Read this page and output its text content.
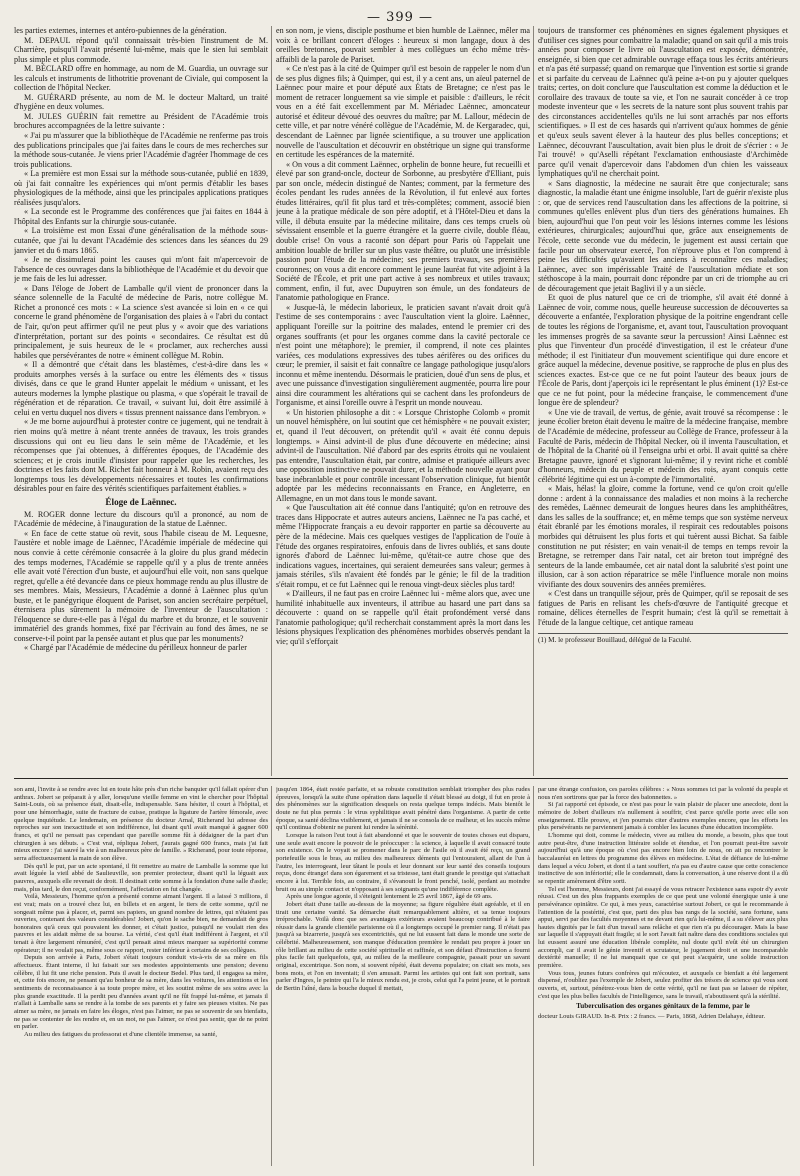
— 399 —

les parties externes, internes et antéro-pubiennes de la génération.

M. DEPAUL répond qu'il connaissait très-bien l'instrument de M. Charrière, puisqu'il l'avait présenté lui-même, mais que le sien lui semblait plus simple et plus commode.

M. BÉCLARD offre en hommage, au nom de M. Guardia, un ouvrage sur les calculs et instruments de lithotritie provenant de Civiale, qui composent la collection de l'hôpital Necker.

M. GUÉRARD présente, au nom de M. le docteur Maltard, un traité d'hygiène en deux volumes.

M. JULES GUÉRIN fait remettre au Président de l'Académie trois brochures accompagnées de la lettre suivante :

« J'ai pu m'assurer que la bibliothèque de l'Académie ne renferme pas trois des publications principales que j'ai faites dans le cours de mes recherches sur la méthode sous-cutanée. Je viens prier l'Académie d'agréer l'hommage de ces trois publications.

« La première est mon Essai sur la méthode sous-cutanée, publié en 1839, où j'ai fait connaître les expériences qui m'ont permis d'établir les bases physiologiques de la méthode, ainsi que les principales applications pratiques réalisées jusqu'alors.

« La seconde est le Programme des conférences que j'ai faites en 1844 à l'hôpital des Enfants sur la chirurgie sous-cutanée.

« La troisième est mon Essai d'une généralisation de la méthode sous-cutanée, que j'ai lu devant l'Académie des sciences dans les séances du 29 janvier et du 6 mars 1865.

« Je ne dissimulerai point les causes qui m'ont fait m'apercevoir de l'absence de ces ouvrages dans la bibliothèque de l'Académie et du devoir que je me fais de les lui adresser.

« Dans l'éloge de Jobert de Lamballe qu'il vient de prononcer dans la séance solennelle de la Faculté de médecine de Paris, notre collègue M. Richet a prononcé ces mots : « La science s'est avancée si loin en « ce qui concerne le grand phénomène de l'organisation des plaies à « l'abri du contact de l'air, qu'on peut affirmer qu'il ne peut plus y « avoir que des variations d'interprétation, portant sur des points « secondaires. Ce résultat est dû principalement, je suis heureux de le « proclamer, aux recherches aussi habiles que persévérantes de notre « éminent collègue M. Robin.

« Il a démontré que c'était dans les blastèmes, c'est-à-dire dans les « produits amorphes versés à la surface ou entre les éléments des « tissus divisés, dans ce que le grand Hunter appelait le médium « unissant, et les auteurs modernes la lymphe plastique ou plasma, « que s'opérait le travail de régénération et de réparation. Ce travail, « suivant lui, doit être assimilé à celui en vertu duquel nos divers « tissus prennent naissance dans l'embryon. »

« Je me borne aujourd'hui à protester contre ce jugement, qui ne tendrait à rien moins qu'à mettre à néant trente années de travaux, les trois grandes discussions qui ont eu lieu dans le sein même de l'Académie, et les récompenses que j'ai obtenues, à différentes époques, de l'Académie des sciences; et je crois inutile d'insister pour rappeler que les recherches, les doctrines et les faits dont M. Richet fait honneur à M. Robin, avaient reçu des longtemps tous les développements nécessaires et toutes les confirmations désirables pour en faire des vérités scientifiques parfaitement établies. »

Éloge de Laënnec.

M. ROGER donne lecture du discours qu'il a prononcé, au nom de l'Académie de médecine, à l'inauguration de la statue de Laënnec.

« En face de cette statue où revit, sous l'habile ciseau de M. Lequesne, l'austère et noble image de Laënnec, l'Académie impériale de médecine qui nous convie à cette cérémonie consacrée à la gloire du plus grand médecin des temps modernes, l'Académie se rappelle qu'il y a plus de trente années elle avait voté l'érection d'un buste, et aujourd'hui elle voit, non sans quelque regret, qu'elle a été devancée dans ce pieux hommage rendu au plus illustre de ses membres. Mais, Messieurs, l'Académie a donné à Laënnec plus qu'un buste, et le panégyrique éloquent de Pariset, son ancien secrétaire perpétuel, éternisera plus sûrement la mémoire de l'inventeur de l'auscultation : l'éloquence se dure-t-elle pas à l'égal du marbre et du bronze, et le souvenir immatériel des grands hommes, fixé par l'écrivain au fond des âmes, ne se conserve-t-il point par la pensée autant et plus que par les monuments?

« Chargé par l'Académie de médecine du périlleux honneur de parler

en son nom, je viens, disciple posthume et bien humble de Laënnec, mêler ma voix à ce brillant concert d'éloges : heureux si mon langage, doux à des oreilles bretonnes, pouvait sembler à mes collègues un écho même très-affaibli de la parole de Pariset.

« Ce n'est pas à la cité de Quimper qu'il est besoin de rappeler le nom d'un de ses plus dignes fils; à Quimper, qui est, il y a cent ans, un aïeul paternel de Laënnec pour maire et pour député aux États de Bretagne; ce n'est pas le moment de retracer longuement sa vie simple et paisible : d'ailleurs, le récit vous en a été fait excellemment par M. Mériadec Laënnec, amoncateur autorisé et éditeur dévoué des oeuvres du maître; par M. Lallour, médecin de cette ville, et par notre vénéré collègue de l'Académie, M. de Kergaradec, qui, descendant de Laënnec par lignée scientifique, a su trouver une application nouvelle de l'auscultation et découvrir en obstétrique un signe qui transforme en certitude les espérances de la maternité.

« On vous a dit comment Laënnec, orphelin de bonne heure, fut recueilli et élevé par son grand-oncle, docteur de Sorbonne, au presbytère d'Elliant, puis par son oncle, médecin distingué de Nantes; comment, par la fermeture des écoles pendant les rudes années de la Révolution, il fut enlevé aux fortes études littéraires, qu'il fit plus tard et très-complètes; comment, associé bien jeune à la pratique médicale de son père adoptif, et à l'Hôtel-Dieu et dans la ville, il débuta ensuite par la médecine militaire, dans ces temps cruels où sévissaient ensemble et la guerre étrangère et la guerre civile, double fléau, double crise! On vous a raconté son départ pour Paris où l'appelait une ambition louable de briller sur un plus vaste théâtre, ou plutôt une irrésistible passion pour l'étude de la médecine; ses premiers travaux, ses premières couronnes; on vous a dit encore comment le jeune lauréat fut vite adjoint à la Société de l'École, et prit une part active à ses nombreux et utiles travaux; comment, enfin, il fut, avec Dupuytren son émule, un des fondateurs de l'anatomie pathologique en France.

« Jusque-là, le médecin laborieux, le praticien savant n'avait droit qu'à l'estime de ses contemporains : avec l'auscultation vient la gloire. Laënnec, appliquant l'oreille sur la poitrine des malades, entend le premier cri des organes souffrants (et pour les organes comme dans la cavité pectorale ce n'est point une métaphore); le premier, il comprend, il note ces plaintes variées, ces modulations expressives des tubes aérifères ou des orifices du cœur; le premier, il saisit et fait connaître ce langage pathologique jusqu'alors inconnu et même inentendu. Désormais le praticien, doué d'un sens de plus, et avec une puissance d'investigation singulièrement augmentée, pourra lire pour ainsi dire couramment les altérations qui se cachent dans les profondeurs de l'organisme, et ainsi l'oreille ouvre à l'esprit un monde nouveau.

« Un historien philosophe a dit : « Lorsque Christophe Colomb « promit un nouvel hémisphère, on lui soutint que cet hémisphère « ne pouvait exister; et, quand il l'eut découvert, on prétendit qu'il « avait été connu depuis longtemps. » Ainsi advint-il de plus d'une découverte en médecine; ainsi advint-il de l'auscultation. Nié d'abord par des esprits étroits qui ne voulaient pas entendre, l'auscultation était, par contre, admise et pratiquée ailleurs avec une opposition instinctive ne pouvait durer, et la méthode nouvelle ayant pour base inébranlable et pour contrôle incessant l'observation clinique, fut bientôt adoptée par les médecins reconnaissants en France, en Angleterre, en Allemagne, en un mot dans tous le monde savant.

« Que l'auscultation ait été connue dans l'antiquité; qu'on en retrouve des traces dans Hippocrate et autres auteurs anciens, Laënnec ne l'a pas caché, et même l'Hippocrate français a eu devoir rapporter en partie sa découverte au père de la médecine. Mais ces quelques vestiges de l'application de l'ouïe à l'étude des organes respiratoires, enfouis dans de livres oubliés, et sans doute ignorés d'abord de Laënnec lui-même, qu'était-ce autre chose que des indications vagues, incertaines, qui seraient demeurées sans valeur; germes à jamais stériles, s'ils n'avaient été fondés par le génie; le fil de la tradition s'était rompu, et ce fut Laënnec qui le renoua vingt-deux siècles plus tard!

« D'ailleurs, il ne faut pas en croire Laënnec lui - même alors que, avec une humilité inhabituelle aux inventeurs, il attribue au hasard une part dans sa découverte : quand on se rappelle qu'il était profondément versé dans l'anatomie pathologique; qu'il recherchait constamment après la mort dans les lésions physiques l'explication des phénomènes morbides observés pendant la vie; qu'il s'efforçait

toujours de transformer ces phénomènes en signes également physiques et d'utiliser ces signes pour combattre la maladie; quand on sait qu'il a mis trois années pour composer le livre où l'auscultation est exposée, démontrée, enseignée, si bien que cet admirable ouvrage effaça tous les écrits antérieurs et n'a pas été surpassé; quand on remarque que l'invention est sortie si grande et si parfaite du cerveau de Laënnec qu'à peine a-t-on pu y ajouter quelques traits; certes, on doit conclure que l'auscultation est comme la déduction et le corollaire des travaux de toute sa vie, et l'on ne saurait concéder à ce trop modeste inventeur que « les secrets de la nature sont plus souvent trahis par des circonstances accidentelles qu'ils ne lui sont arrachés par nos efforts scientifiques. » Il est de ces hasards qui n'arrivent qu'aux hommes de génie et qu'eux seuls savent élever à la hauteur des plus belles conceptions; et Laënnec, découvrant l'auscultation, avait bien plus le droit de s'écrier : « Je l'ai trouvé! » qu'Aselli répétant l'exclamation enthousiaste d'Archimède parce qu'il venait d'apercevoir dans l'abdomen d'un chien les vaisseaux lymphatiques qu'il ne cherchait point.

« Sans diagnostic, la médecine ne saurait être que conjecturale; sans diagnostic, la maladie étant une énigme insoluble, l'art de guérir n'existe plus : or, que de services rend l'auscultation dans les affections de la poitrine, si communes qu'elles enlèvent plus d'un tiers des générations humaines. Eh bien, aujourd'hui que l'on peut voir les lésions internes comme les lésions extérieures, chirurgicales; aujourd'hui que, grâce aux enseignements de l'école, cette seconde vue du médecin, le jugement est aussi certain que facile pour un observateur exercé, l'on n'éprouve plus et l'on comprend à peine les difficultés qu'avaient les anciens à reconnaître ces maladies; Laënnec, avec son impérissable Traité de l'auscultation médiate et son stéthoscope à la main, pourrait donc répondre par un cri de triomphe au cri de découragement que jetait Baglivi il y a un siècle.

Et quoi de plus naturel que ce cri de triomphe, s'il avait été donné à Laënnec de voir, comme nous, quelle heureuse succession de découvertes sa découverte a enfantée, l'exploration physique de la poitrine engendrant celle de toutes les régions de l'organisme, et, avant tout, l'auscultation provoquant les immenses progrès de sa savante sœur la percussion! Ainsi Laënnec est plus que l'inventeur d'un procédé d'investigation, il est le créateur d'une méthode; il est l'initiateur d'un mouvement scientifique qui dure encore et grâce auquel la médecine, devenue positive, se rapproche de plus en plus des sciences exactes. Est-ce que ce ne fut point l'auteur des beaux jours de l'École de Paris, dont j'aperçois ici le représentant le plus éminent (1)? Est-ce que ce ne fut point, pour la médecine française, le commencement d'une longue ère de splendeur?

« Une vie de travail, de vertus, de génie, avait trouvé sa récompense : le jeune écolier breton était devenu le maître de la médecine française, membre de l'Académie de médecine, professeur au Collège de France, professeur à la Faculté de Paris, médecin de l'hôpital Necker, où il inventa l'auscultation, et de l'hôpital de la Charité où il l'enseigna urbi et orbi. Il avait quitté sa chère Bretagne pauvre, ignoré et s'ignorant lui-même; il y revint riche et comblé d'honneurs, médecin du peuple et médecin des rois, ayant conquis cette célébrité légitime qui est un à-compte de l'immortalité.

« Mais, hélas! la gloire, comme la fortune, vend ce qu'on croit qu'elle donne : ardent à la connaissance des maladies et non moins à la recherche des remèdes, Laënnec demeurait de longues heures dans les amphithéâtres, dans les salles de la souffrance; et, en même temps que son système nerveux était ébranlé par les émotions morales, il respirait ces redoutables poisons morbides qui détruisent les plus forts et qui tuèrent aussi Bichat. Sa faible constitution ne put résister; en vain venait-il de temps en temps revoir la Bretagne, se retremper dans l'air natal, cet air breton tout imprégné des senteurs de la lande embaumée, cet air natal dont la salubrité s'est point une illusion, car à son action réparatrice se mêle l'influence morale non moins vivifiante des doux souvenirs des années premières.

« C'est dans un tranquille séjour, près de Quimper, qu'il se reposait de ses fatigues de Paris en relisant les chefs-d'œuvre de l'antiquité grecque et romaine, délices éternelles de l'esprit humain; c'est là qu'il se remettait à l'étude de la langue celtique, cet antique rameau

(1) M. le professeur Bouillaud, délégué de la Faculté.

son ami, l'invite à se rendre avec lui en toute hâte près d'un riche banquier qu'il fallait opérer d'un anthrax. Jobert se préparait à y aller, lorsqu'une vieille femme en vint le chercher pour l'hôpital Saint-Louis, où sa présence était, disait-elle, indispensable. Sans hésiter, il court à l'hôpital, et pour une hémorrhagie, suite de fracture de cuisse, pratique la ligature de l'artère fémorale, avec quelque inquiétude. Le lendemain, en présence du docteur Arnal, Richerand lui adresse des reproches sur son inexactitude et son indifférence, lui disant qu'il avait manqué à gagner 600 francs, et qu'il ne pensait pas cependant que pareille somme fût à dédaigner de la part d'un chirurgien à ses débuts. « C'est vrai, répliqua Jobert, j'aurais gagné 600 francs, mais j'ai fait mieux encore : j'ai sauvé la vie à un malheureux père de famille. » Richerand, pour toute réponse, serra affectueusement la main de son élève.

Dès qu'il le put, par un acte spontané, il fit remettre au maire de Lamballe la somme que lui avait léguée la vieil abbé de Saulieuville, son premier protecteur, disant qu'il la léguait aux pauvres, auxquels elle revenait de droit. Il destinait cette somme à la fondation d'une salle d'asile; mais, plus tard, le don reçut, conformément, l'affectation en fut changée.

Voilà, Messieurs, l'homme qu'on a présenté comme aimant l'argent. Il a laissé 3 millions, il est vrai; mais on a trouvé chez lui, en billets et en argent, le tiers de cette somme, qu'il ne songeait même pas à placer, et, parmi ses papiers, un grand nombre de lettres, qui n'étaient pas ouvertes, contenant des valeurs considérables! Jobert, qu'on le sache bien, ne demandait de gros honoraires qu'à ceux qui pouvaient les donner, et c'était justice, puisqu'il ne voulait rien des pauvres et les aidait même de sa bourse. La vérité, c'est qu'il était indifférent à l'argent, et s'il tenait à être largement rémunéré, c'est qu'il pensait ainsi mieux marquer sa supériorité comme opérateur; il ne voulait pas, même sous ce rapport, rester inférieur à certains de ses collègues.

Depuis son arrivée à Paris, Jobert s'était toujours conduit vis-à-vis de sa mère en fils affectueux. Étant interne, il lui faisait sur ses modestes appointements une pension; devenu célèbre, il lui fit une riche pension. Puis il avait le docteur Bedel. Plus tard, il engagea sa mère, et, cette fois encore, ne pensant qu'au bonheur de sa mère, dans les voitures, les attentions et les sentiments de reconnaissance à sa toute propre mère, et les soutint même de ses soins avec la plus grande exactitude. Il la perdit peu d'années avant qu'il ne fût frappé lui-même, et jamais il n'allait à Lamballe sans se rendre à la tombe de ses parents et y faire ses pieuses visites. Ne pas aimer sa mère, ne jamais en faire les éloges, n'est pas l'aimer, ne pas se souvenir de ses bienfaits, ne pas se contenter de les rendre et, en un mot, ne pas l'aimer, ce n'est pas sentir, que de ne point en parler.

Au milieu des fatigues du professorat et d'une clientèle immense, sa santé,

jusqu'en 1864, était restée parfaite, et sa robuste constitution semblait triompher des plus rudes épreuves, lorsqu'à la suite d'une opération dans laquelle il s'était blessé au doigt, il fut en proie à des phénomènes sur la signification desquels on resta quelque temps indécis. Mais bientôt le doute ne fut plus permis : le virus syphilitique avait pénétré dans l'organisme. A partir de cette époque, sa santé déclina visiblement, et jamais il ne se consola de ce malheur, et les succès même qu'il continua d'obtenir ne purent lui rendre la sérénité.

Lorsque la raison l'eut tout à fait abandonné et que le souvenir de toutes choses eut disparu, une seule avait encore le pouvoir de le préoccuper : la science, à laquelle il avait consacré toute son existence. On le voyait se promener dans le parc de l'asile où il avait été reçu, un grand portefeuille sous le bras, au milieu des malheureux déments qui l'entouraient, allant de l'un à l'autre, les interrogeant, leur tâtant le pouls et leur donnant sur leur santé des conseils toujours reçus, donc étrange! dans son égarement et sa tristesse, tant était grande le prestige qui s'attachait encore à lui. Terrible fois, au contraire, il s'évanouit le front penché, isolé, perdant au moindre bruit ou au simple contact et n'opposant à ses soignants qu'une indifférence complète.

Après une longue agonie, il s'éteignit lentement le 25 avril 1867, âgé de 69 ans.

Jobert était d'une taille au-dessus de la moyenne; sa figure régulière était agréable, et il en tirait une certaine vanité. Sa démarche était remarquablement altière, et sa tenue toujours irréprochable. Voilà donc que ses avantages extérieurs avaient beaucoup contribué à le faire réussir dans la grande clientèle parisienne où il a longtemps occupé le premier rang. Il n'était pas jusqu'à sa bizarrerie, jusqu'à ses excentricités, qui ne lui eussent fait dans le monde une sorte de célébrité. Malheureusement, son manque d'éducation première le rendait peu propre à jouer un rôle brillant au milieu de cette société spirituelle et raffinée, et son défaut d'instruction a fourni plus facile fait quelquefois, qui, au milieu de la meilleure compagnie, passait pour un savant original, excentrique. Son nom, si souvent répété, était devenu populaire; on citait ses mots, ses bons mots, et l'on en inventait; il s'en amusait. Parmi les artistes qui ont fait son portrait, sans parler d'Ingres, le peintre qui l'a le mieux rendu est, je crois, celui qui l'a peint jeune, et le portrait de Bertin l'aîné, dans la bouche duquel il mettait,

par une étrange confusion, ces paroles célèbres : « Nous sommes ici par la volonté du peuple et nous n'en sortirons que par la force des baïonnettes. »

Si j'ai rapporté cet épisode, ce n'est pas pour le vain plaisir de placer une anecdote, dont la mémoire de Jobert d'ailleurs n'a nullement à souffrir, c'est parce qu'elle porte avec elle son enseignement. Elle prouve, et j'en pourrais citer d'autres exemples encore, que les efforts les plus persévérants ne parviennent jamais à combler les lacunes d'une éducation incomplète.

L'homme qui doit, comme le médecin, vivre au milieu du monde, a besoin, plus que tout autre peut-être, d'une instruction littéraire solide et étendue, et l'on pourrait peut-être savoir aujourd'hui qu'à une époque où c'est pas encore bien loin de nous, on ait pu rencontrer le baccalauréat en lettres du programme des élèves en médecine. L'état de défiance de lui-même dans lequel a vécu Jobert, et dont il a tant souffert, n'a pas eu d'autre cause que cette conscience instinctive de son infériorité; elle le condamnait, dans la conversation, à une réserve dont il a dû se repentir amèrement d'être sorti.

Tel est l'homme, Messieurs, dont j'ai essayé de vous retracer l'existence sans espoir d'y avoir réussi. C'est un des plus frappants exemples de ce que peut une volonté énergique unie à une persévérance opiniâtre. Ce qui, à mes yeux, caractérise surtout Jobert, ce qui le recommande à l'attention de la postérité, c'est que, parti des plus bas rangs de la société, sans fortune, sans appui, servi par des facultés moyennes et ne devant rien qu'à lui-même, il a su s'élever aux plus hautes dignités par le fait d'un travail sans relâche et que rien n'a pu décourager. Mais la base sur laquelle il s'appuyait était fragile; si le sort l'avait fait naître dans des conditions sociales qui lui eussent assuré une éducation libérale complète, nul doute qu'il n'eût été un chirurgien accompli, car il avait le génie inventif et scrutateur, le jugement droit et une incomparable dextérité manuelle; il ne lui manquait que ce qui peut s'acquérir, une solide instruction première.

Vous tous, jeunes futurs confrères qui m'écoutez, et auxquels ce bienfait a été largement dispensé, n'oubliez pas l'exemple de Jobert, seulez profiter des trésors de science qui vous sont ouverts, et, surtout, pénétrez-vous bien de cette vérité, qu'il ne faut pas se laisser de répéter, c'est que les plus belles facultés de l'intelligence, sans le travail, n'aboutissent qu'à la stérilité.

Tuberculisation des organes génitaux de la femme, par le

docteur Louis GIRAUD. In-8. Prix : 2 francs. — Paris, 1868, Adrien Delahaye, éditeur.
